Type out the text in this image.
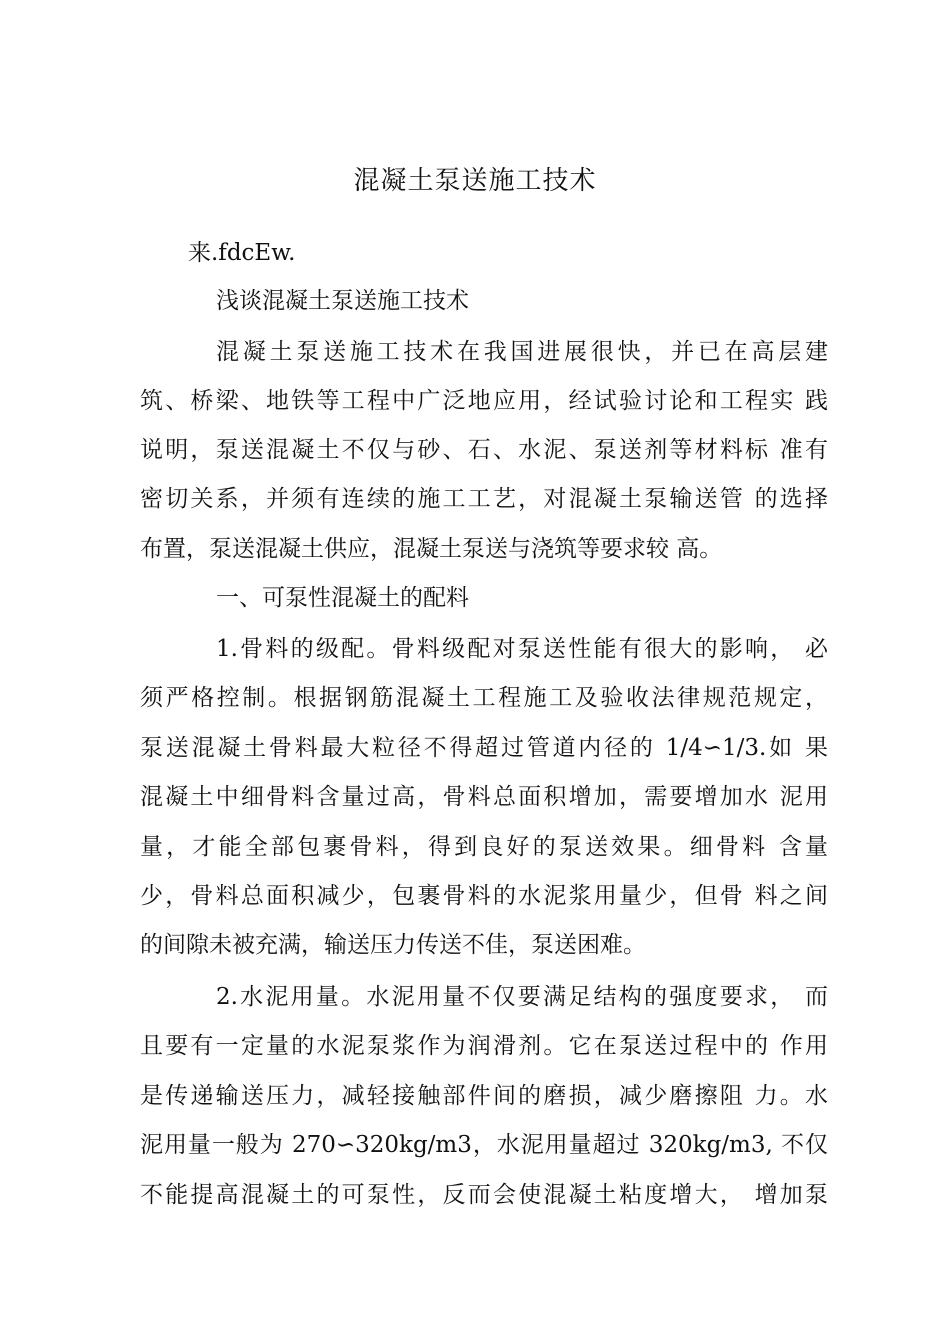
混凝土泵送施工技术
来.fdcEw.
浅谈混凝土泵送施工技术
混凝土泵送施工技术在我国进展很快，并已在高层建
筑、桥梁、地铁等工程中广泛地应用，经试验讨论和工程实 践
说明，泵送混凝土不仅与砂、石、水泥、泵送剂等材料标 准有
密切关系，并须有连续的施工工艺，对混凝土泵输送管 的选择
布置，泵送混凝土供应，混凝土泵送与浇筑等要求较 高。
一、可泵性混凝土的配料
1.骨料的级配。骨料级配对泵送性能有很大的影响， 必
须严格控制。根据钢筋混凝土工程施工及验收法律规范规定，
泵送混凝土骨料最大粒径不得超过管道内径的 1/4∽1/3.如 果
混凝土中细骨料含量过高，骨料总面积增加，需要增加水 泥用
量，才能全部包裹骨料，得到良好的泵送效果。细骨料 含量
少，骨料总面积减少，包裹骨料的水泥浆用量少，但骨 料之间
的间隙未被充满，输送压力传送不佳，泵送困难。
2.水泥用量。水泥用量不仅要满足结构的强度要求， 而
且要有一定量的水泥泵浆作为润滑剂。它在泵送过程中的 作用
是传递输送压力，减轻接触部件间的磨损，减少磨擦阻 力。水
泥用量一般为 270∽320kg/m3，水泥用量超过 320kg/m3, 不仅
不能提高混凝土的可泵性，反而会使混凝土粘度增大， 增加泵
